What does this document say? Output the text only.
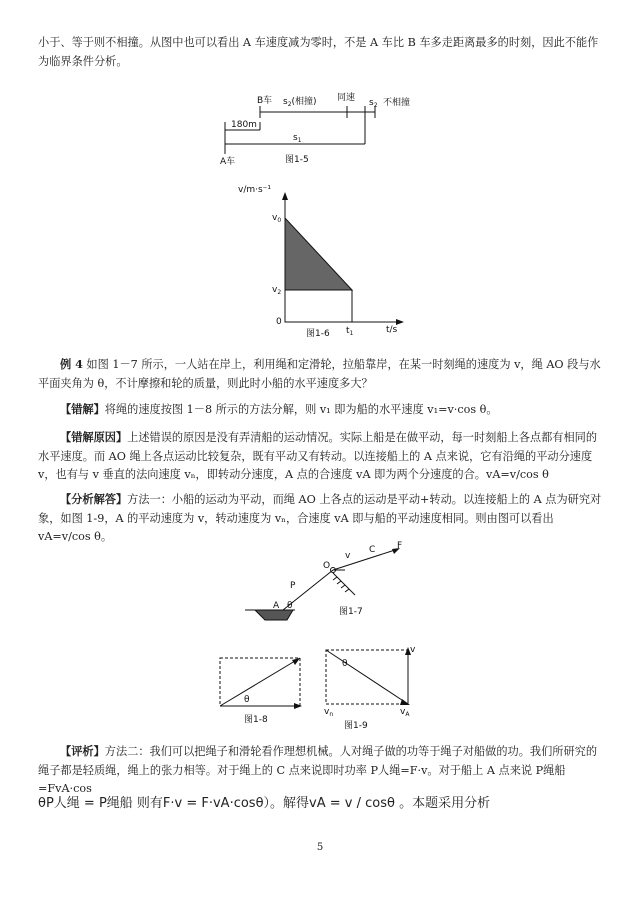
小于、等于则不相撞。从图中也可以看出 A 车速度减为零时，不是 A 车比 B 车多走距离最多的时刻，因此不能作为临界条件分析。
B车 $s_2$(相撞) 同速 $s_2$ 不相撞
180m
$s_1$
A车	图1-5
v/m·s⁻¹
$v_0$
$v_2$
0
$t_1$	t/s
图1-6
例 4 如图 1－7 所示，一人站在岸上，利用绳和定滑轮，拉船靠岸，在某一时刻绳的速度为 v，绳 AO 段与水平面夹角为 θ，不计摩擦和轮的质量，则此时小船的水平速度多大？
【错解】将绳的速度按图 1－8 所示的方法分解，则 v₁ 即为船的水平速度 v₁=v·cos θ。
【错解原因】上述错误的原因是没有弄清船的运动情况。实际上船是在做平动，每一时刻船上各点都有相同的水平速度。而 AO 绳上各点运动比较复杂，既有平动又有转动。以连接船上的 A 点来说，它有沿绳的平动分速度 v，也有与 v 垂直的法向速度 vₙ，即转动分速度，A 点的合速度 vA 即为两个分速度的合。vA=v/cos θ
【分析解答】方法一：小船的运动为平动，而绳 AO 上各点的运动是平动+转动。以连接船上的 A 点为研究对象，如图 1-9，A 的平动速度为 v，转动速度为 vₙ，合速度 vA 即与船的平动速度相同。则由图可以看出 vA=v/cos θ。
F
C
v
O
P
A θ
图1-7
θ
图1-8
v
θ
$v_n$	$v_A$
图1-9
【评析】方法二：我们可以把绳子和滑轮看作理想机械。人对绳子做的功等于绳子对船做的功。我们所研究的绳子都是轻质绳，绳上的张力相等。对于绳上的 C 点来说即时功率 P人绳=F·v。对于船上 A 点来说 P绳船=FvA·cos
θP人绳 = P绳船 则有F·v = F·vA·cosθ）。解得vA = v / cosθ 。本题采用分析
5
